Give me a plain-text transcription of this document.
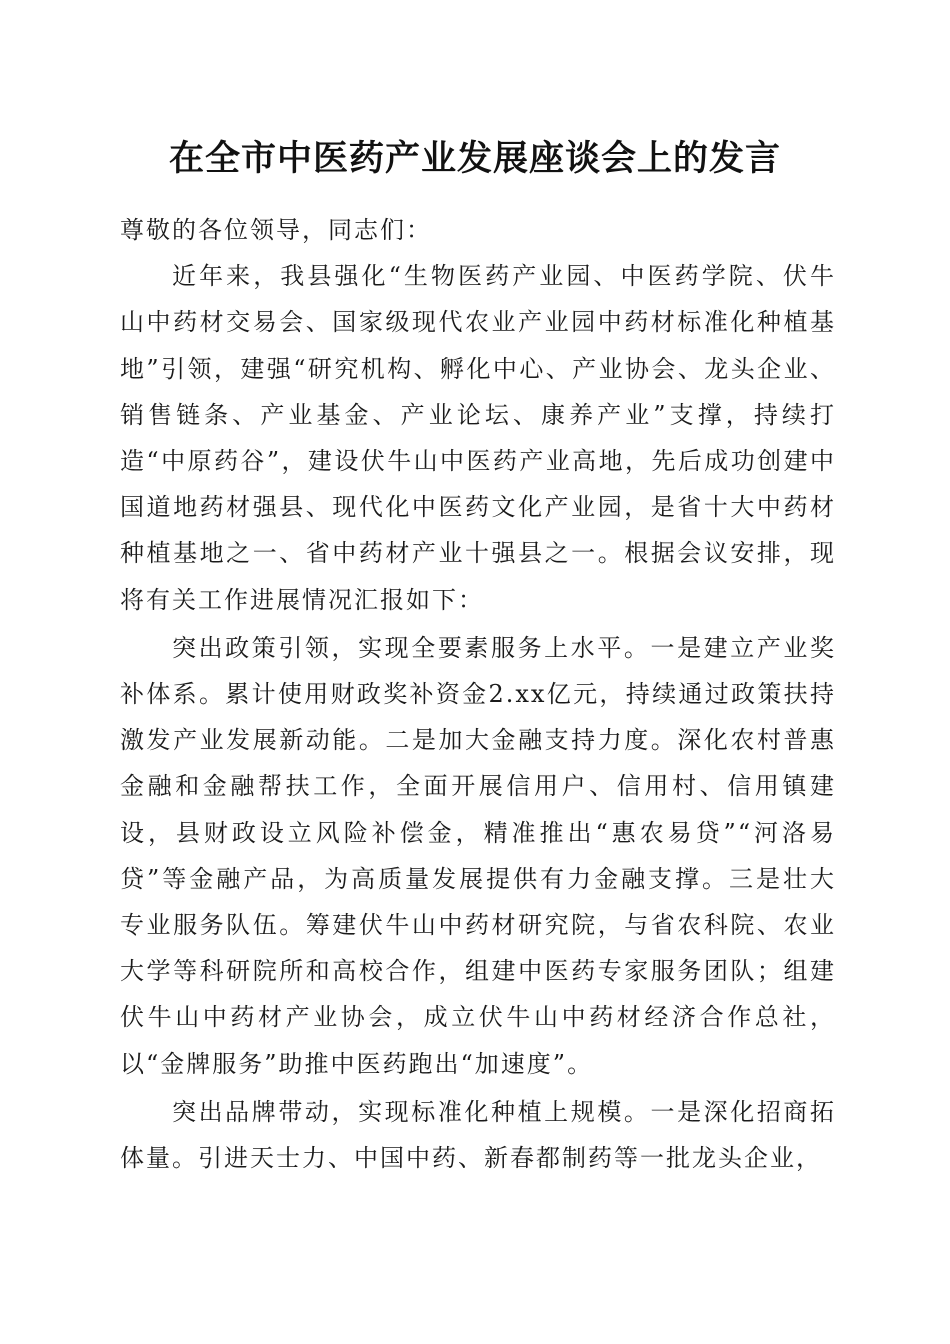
在全市中医药产业发展座谈会上的发言

尊敬的各位领导，同志们：

近年来，我县强化“生物医药产业园、中医药学院、伏牛山中药材交易会、国家级现代农业产业园中药材标准化种植基地”引领，建强“研究机构、孵化中心、产业协会、龙头企业、销售链条、产业基金、产业论坛、康养产业”支撑，持续打造“中原药谷”，建设伏牛山中医药产业高地，先后成功创建中国道地药材强县、现代化中医药文化产业园，是省十大中药材种植基地之一、省中药材产业十强县之一。根据会议安排，现将有关工作进展情况汇报如下：

突出政策引领，实现全要素服务上水平。一是建立产业奖补体系。累计使用财政奖补资金2.xx亿元，持续通过政策扶持激发产业发展新动能。二是加大金融支持力度。深化农村普惠金融和金融帮扶工作，全面开展信用户、信用村、信用镇建设，县财政设立风险补偿金，精准推出“惠农易贷”“河洛易贷”等金融产品，为高质量发展提供有力金融支撑。三是壮大专业服务队伍。筹建伏牛山中药材研究院，与省农科院、农业大学等科研院所和高校合作，组建中医药专家服务团队；组建伏牛山中药材产业协会，成立伏牛山中药材经济合作总社，以“金牌服务”助推中医药跑出“加速度”。

突出品牌带动，实现标准化种植上规模。一是深化招商拓体量。引进天士力、中国中药、新春都制药等一批龙头企业，
